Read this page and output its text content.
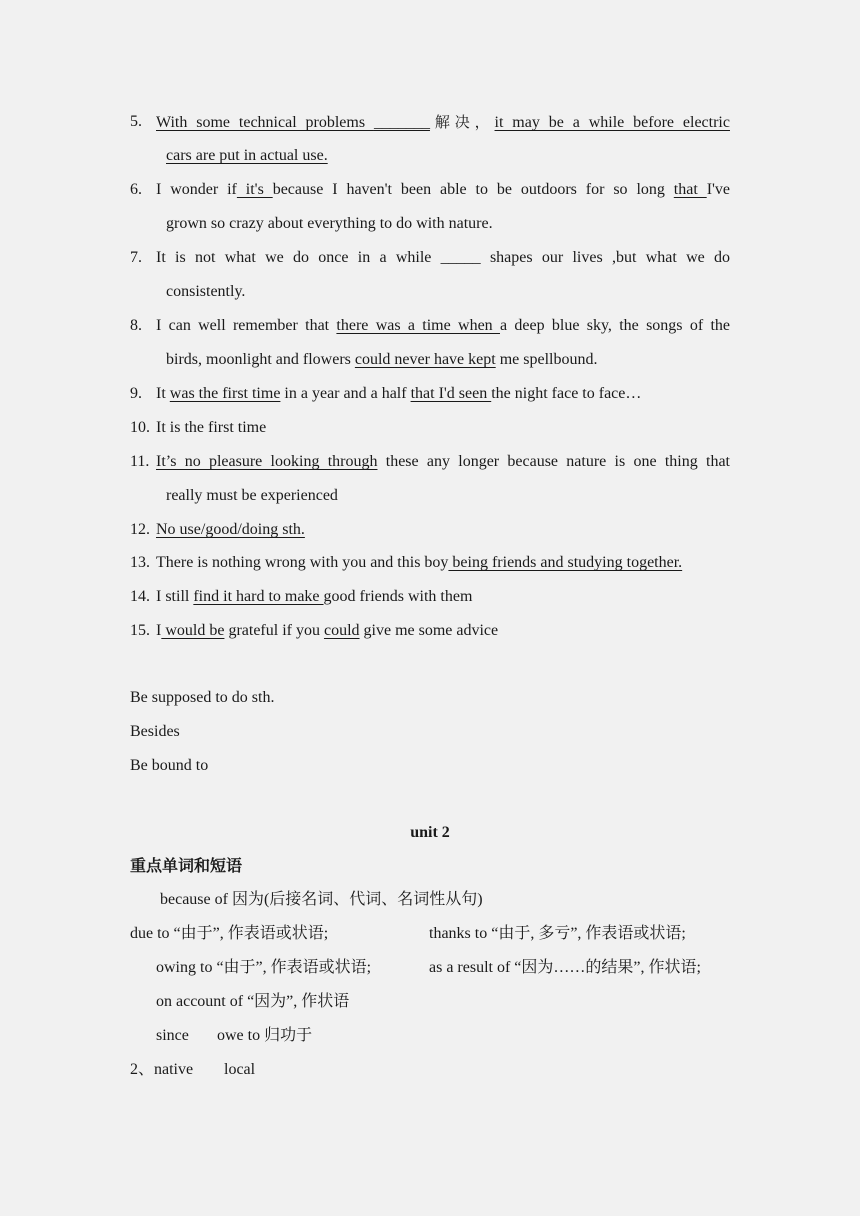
5. With some technical problems _______解决，it may be a while before electric
cars are put in actual use.
6. I wonder if it's because I haven't been able to be outdoors for so long that I've
grown so crazy about everything to do with nature.
7. It is not what we do once in a while _____ shapes our lives ,but what we do
consistently.
8. I can well remember that there was a time when a deep blue sky, the songs of the
birds, moonlight and flowers could never have kept me spellbound.
9. It was the first time in a year and a half that I'd seen the night face to face…
10. It is the first time
11. It’s no pleasure looking through these any longer because nature is one thing that
really must be experienced
12. No use/good/doing sth.
13. There is nothing wrong with you and this boy being friends and studying together.
14. I still find it hard to make good friends with them
15. I would be grateful if you could give me some advice
Be supposed to do sth.
Besides
Be bound to
unit 2
重点单词和短语
because of 因为(后接名词、代词、名词性从句)
due to “由于”, 作表语或状语;	thanks to “由于, 多亏”, 作表语或状语;
owing to “由于”, 作表语或状语;	as a result of “因为……的结果”, 作状语;
on account of “因为”, 作状语
since owe to 归功于
2、native local
